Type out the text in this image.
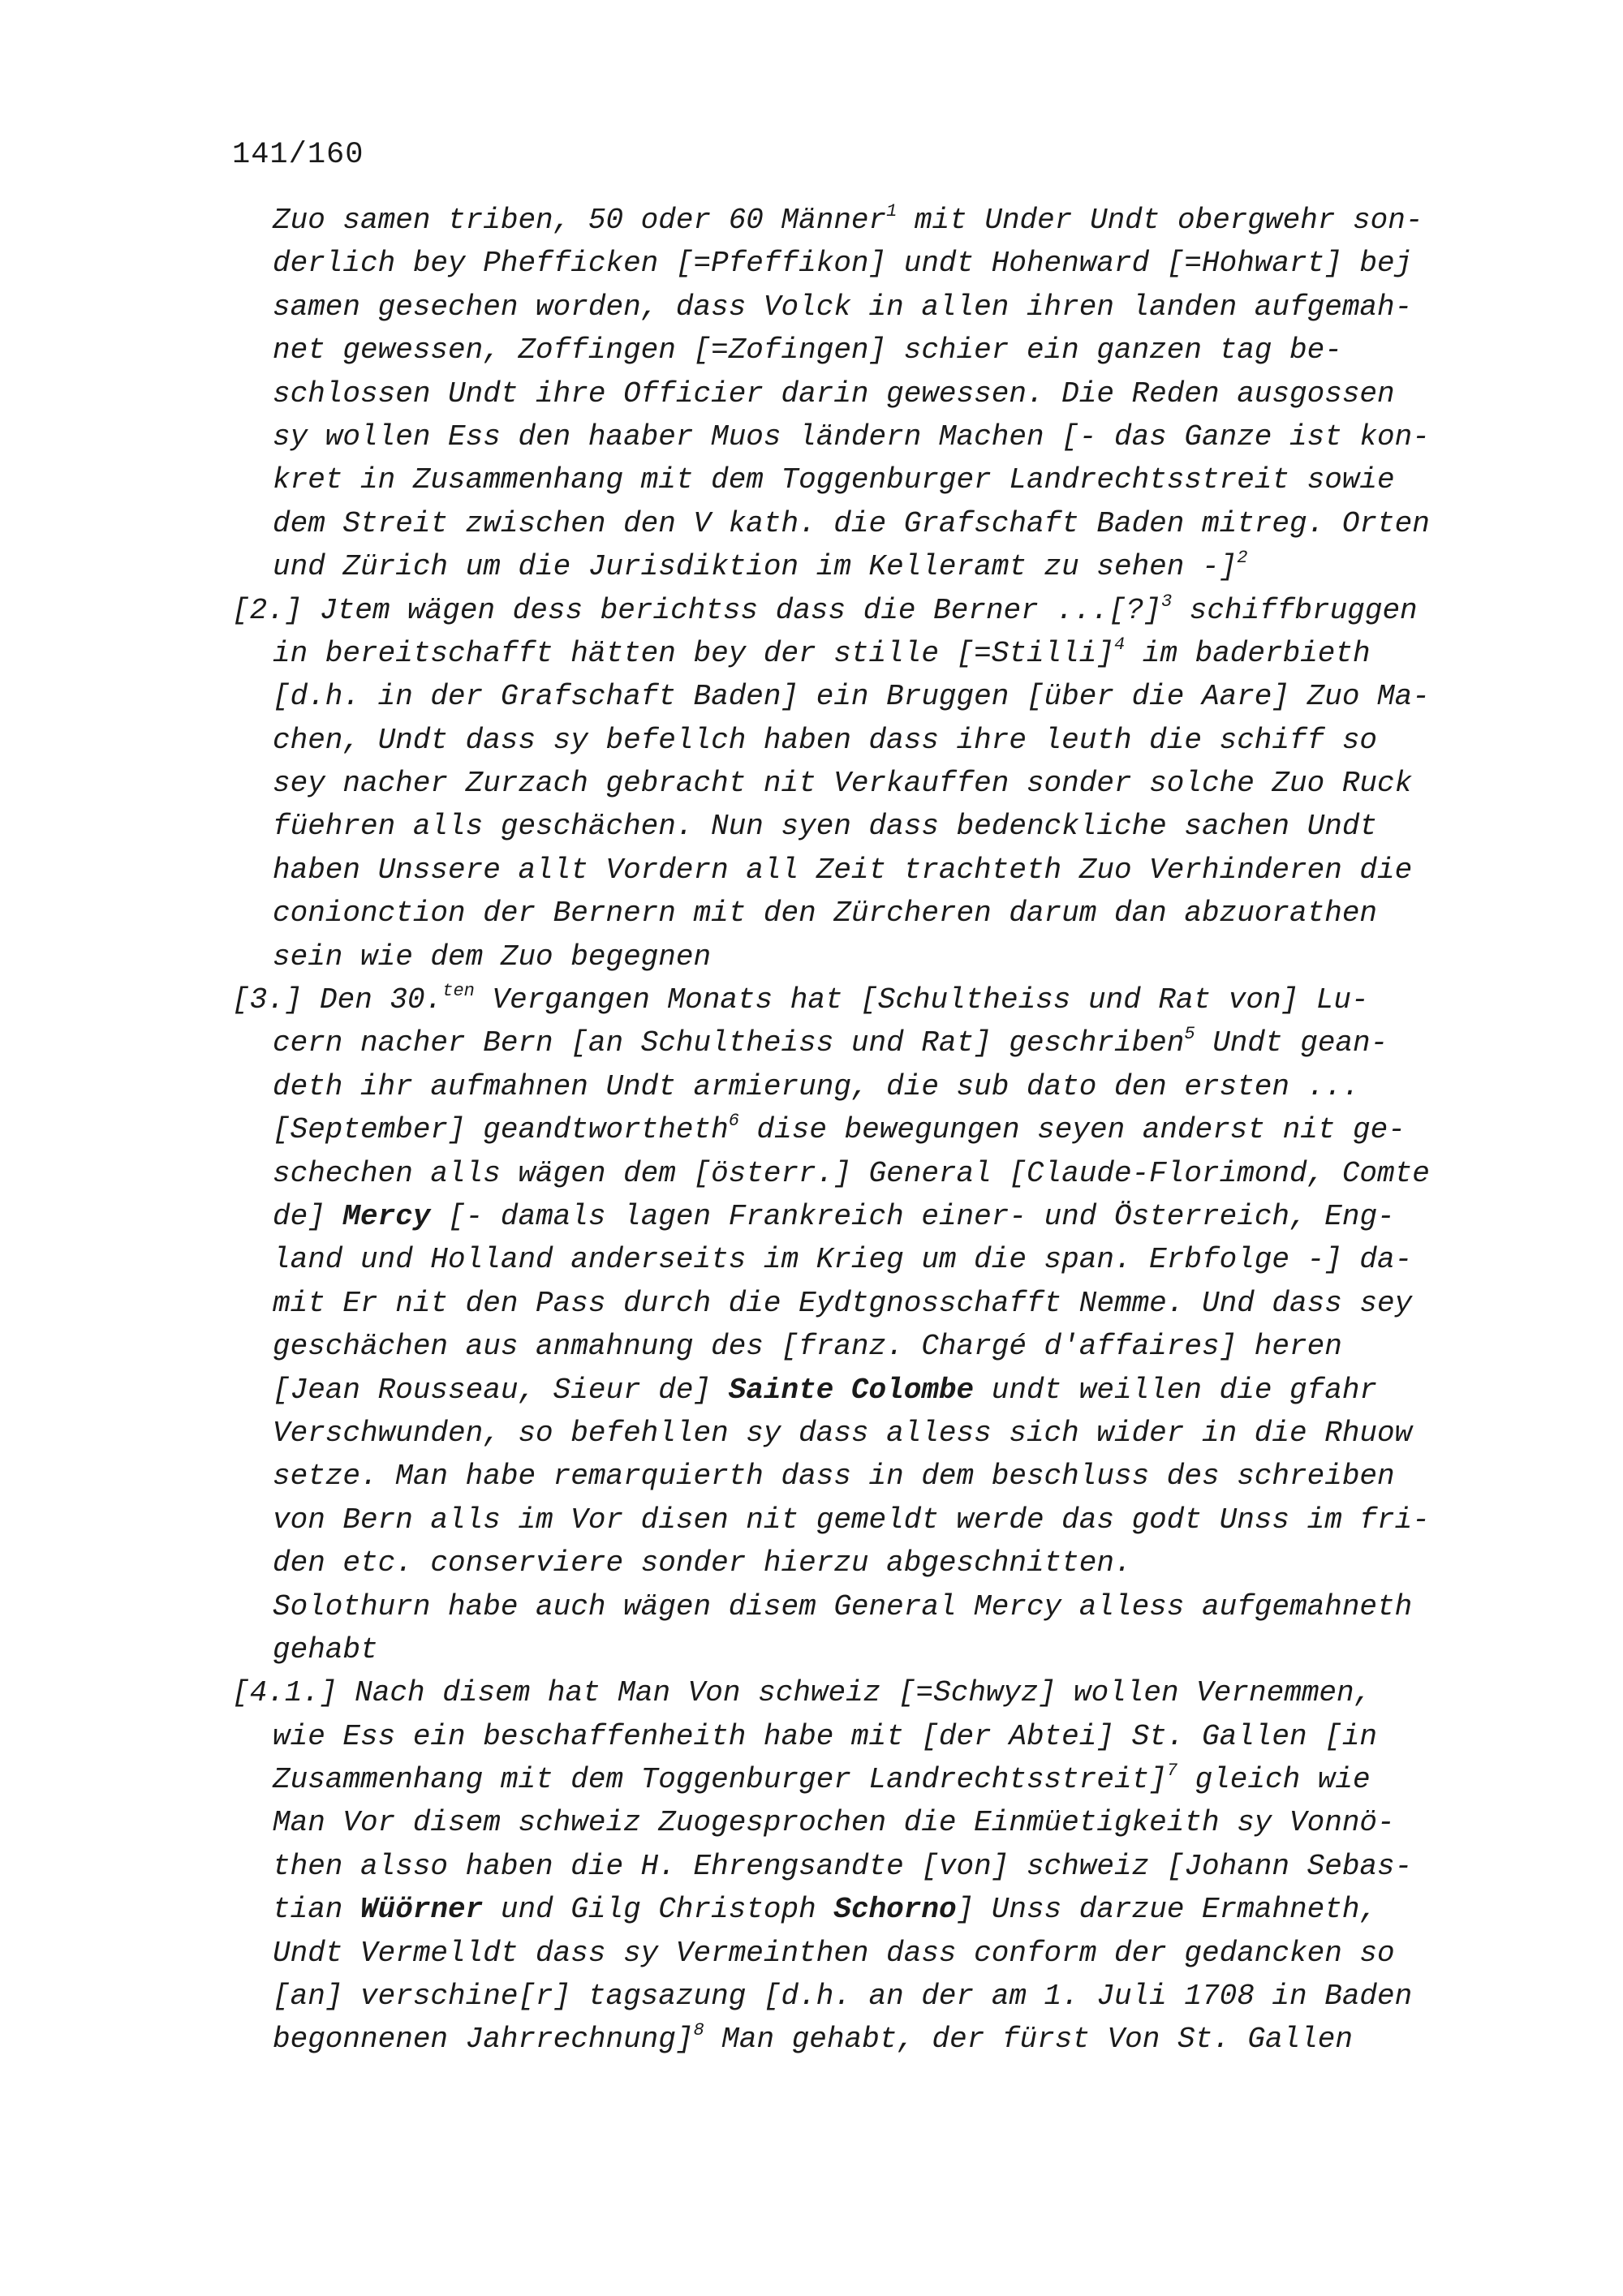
141/160
Zuo samen triben, 50 oder 60 Männer$^1$ mit Under Undt obergwehr son-
derlich bey Phefficken [=Pfeffikon] undt Hohenward [=Hohwart] bej
samen gesechen worden, dass Volck in allen ihren landen aufgemah-
net gewessen, Zoffingen [=Zofingen] schier ein ganzen tag be-
schlossen Undt ihre Officier darin gewessen. Die Reden ausgossen
sy wollen Ess den haaber Muos ländern Machen [- das Ganze ist kon-
kret in Zusammenhang mit dem Toggenburger Landrechtsstreit sowie
dem Streit zwischen den V kath. die Grafschaft Baden mitreg. Orten
und Zürich um die Jurisdiktion im Kelleramt zu sehen -]$^2$
[2.] Jtem wägen dess berichtss dass die Berner ...[?]$^3$ schiffbruggen
in bereitschafft hätten bey der stille [=Stilli]$^4$ im baderbieth
[d.h. in der Grafschaft Baden] ein Bruggen [über die Aare] Zuo Ma-
chen, Undt dass sy befellch haben dass ihre leuth die schiff so
sey nacher Zurzach gebracht nit Verkauffen sonder solche Zuo Ruck
füehren alls geschächen. Nun syen dass bedenckliche sachen Undt
haben Unssere allt Vordern all Zeit trachteth Zuo Verhinderen die
conionction der Bernern mit den Zürcheren darum dan abzuorathen
sein wie dem Zuo begegnen
[3.] Den 30.$^{ten}$ Vergangen Monats hat [Schultheiss und Rat von] Lu-
cern nacher Bern [an Schultheiss und Rat] geschriben$^5$ Undt gean-
deth ihr aufmahnen Undt armierung, die sub dato den ersten ...
[September] geandtwortheth$^6$ dise bewegungen seyen anderst nit ge-
schechen alls wägen dem [österr.] General [Claude-Florimond, Comte
de] Mercy [- damals lagen Frankreich einer- und Österreich, Eng-
land und Holland anderseits im Krieg um die span. Erbfolge -] da-
mit Er nit den Pass durch die Eydtgnosschafft Nemme. Und dass sey
geschächen aus anmahnung des [franz. Chargé d'affaires] heren
[Jean Rousseau, Sieur de] Sainte Colombe undt weillen die gfahr
Verschwunden, so befehllen sy dass alless sich wider in die Rhuow
setze. Man habe remarquierth dass in dem beschluss des schreiben
von Bern alls im Vor disen nit gemeldt werde das godt Unss im fri-
den etc. conserviere sonder hierzu abgeschnitten.
Solothurn habe auch wägen disem General Mercy alless aufgemahneth
gehabt
[4.1.] Nach disem hat Man Von schweiz [=Schwyz] wollen Vernemmen,
wie Ess ein beschaffenheith habe mit [der Abtei] St. Gallen [in
Zusammenhang mit dem Toggenburger Landrechtsstreit]$^7$ gleich wie
Man Vor disem schweiz Zuogesprochen die Einmüetigkeith sy Vonnö-
then alsso haben die H. Ehrengsandte [von] schweiz [Johann Sebas-
tian Wüörner und Gilg Christoph Schorno] Unss darzue Ermahneth,
Undt Vermelldt dass sy Vermeinthen dass conform der gedancken so
[an] verschine[r] tagsazung [d.h. an der am 1. Juli 1708 in Baden
begonnenen Jahrrechnung]$^8$ Man gehabt, der fürst Von St. Gallen
